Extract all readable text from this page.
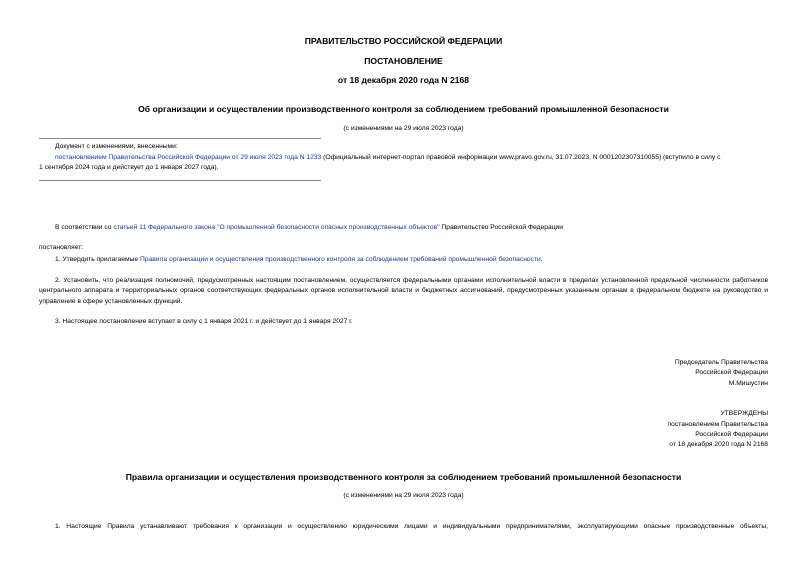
ПРАВИТЕЛЬСТВО РОССИЙСКОЙ ФЕДЕРАЦИИ
ПОСТАНОВЛЕНИЕ
от 18 декабря 2020 года N 2168
Об организации и осуществлении производственного контроля за соблюдением требований промышленной безопасности
(с изменениями на 29 июля 2023 года)
Документ с изменениями, внесенными:
постановлением Правительства Российской Федерации от 29 июля 2023 года N 1233 (Официальный интернет-портал правовой информации www.pravo.gov.ru, 31.07.2023, N 0001202307310055) (вступило в силу с
1 сентября 2024 года и действует до 1 января 2027 года).
В соответствии со статьей 11 Федерального закона "О промышленной безопасности опасных производственных объектов" Правительство Российской Федерации
постановляет:
1. Утвердить прилагаемые Правила организации и осуществления производственного контроля за соблюдением требований промышленной безопасности.
2. Установить, что реализация полномочий, предусмотренных настоящим постановлением, осуществляется федеральными органами исполнительной власти в пределах установленной предельной численности работников центрального аппарата и территориальных органов соответствующих федеральных органов исполнительной власти и бюджетных ассигнований, предусмотренных указанным органам в федеральном бюджете на руководство и управление в сфере установленных функций.
3. Настоящее постановление вступает в силу с 1 января 2021 г. и действует до 1 января 2027 г.
Председатель Правительства
Российской Федерации
М.Мишустин
УТВЕРЖДЕНЫ
постановлением Правительства
Российской Федерации
от 18 декабря 2020 года N 2168
Правила организации и осуществления производственного контроля за соблюдением требований промышленной безопасности
(с изменениями на 29 июля 2023 года)
1. Настоящие Правила устанавливают требования к организации и осуществлению юридическими лицами и индивидуальными предпринимателями, эксплуатирующими опасные производственные объекты,
